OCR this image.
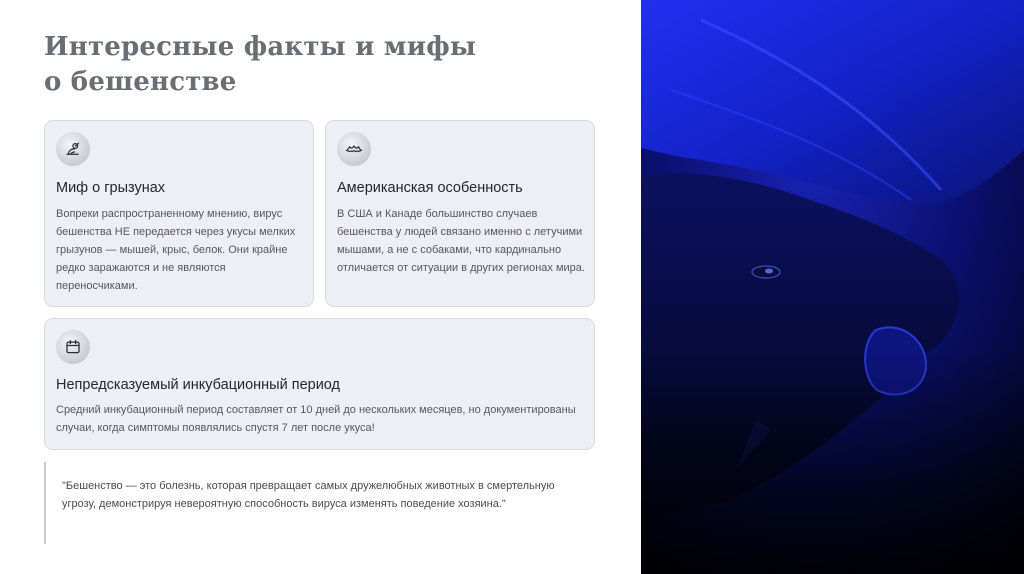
Интересные факты и мифы
о бешенстве
Миф о грызунах
Вопреки распространенному мнению, вирус бешенства НЕ передается через укусы мелких грызунов — мышей, крыс, белок. Они крайне редко заражаются и не являются переносчиками.
Американская особенность
В США и Канаде большинство случаев бешенства у людей связано именно с летучими мышами, а не с собаками, что кардинально отличается от ситуации в других регионах мира.
Непредсказуемый инкубационный период
Средний инкубационный период составляет от 10 дней до нескольких месяцев, но документированы случаи, когда симптомы появлялись спустя 7 лет после укуса!

"Бешенство — это болезнь, которая превращает самых дружелюбных животных в смертельную угрозу, демонстрируя невероятную способность вируса изменять поведение хозяина."
